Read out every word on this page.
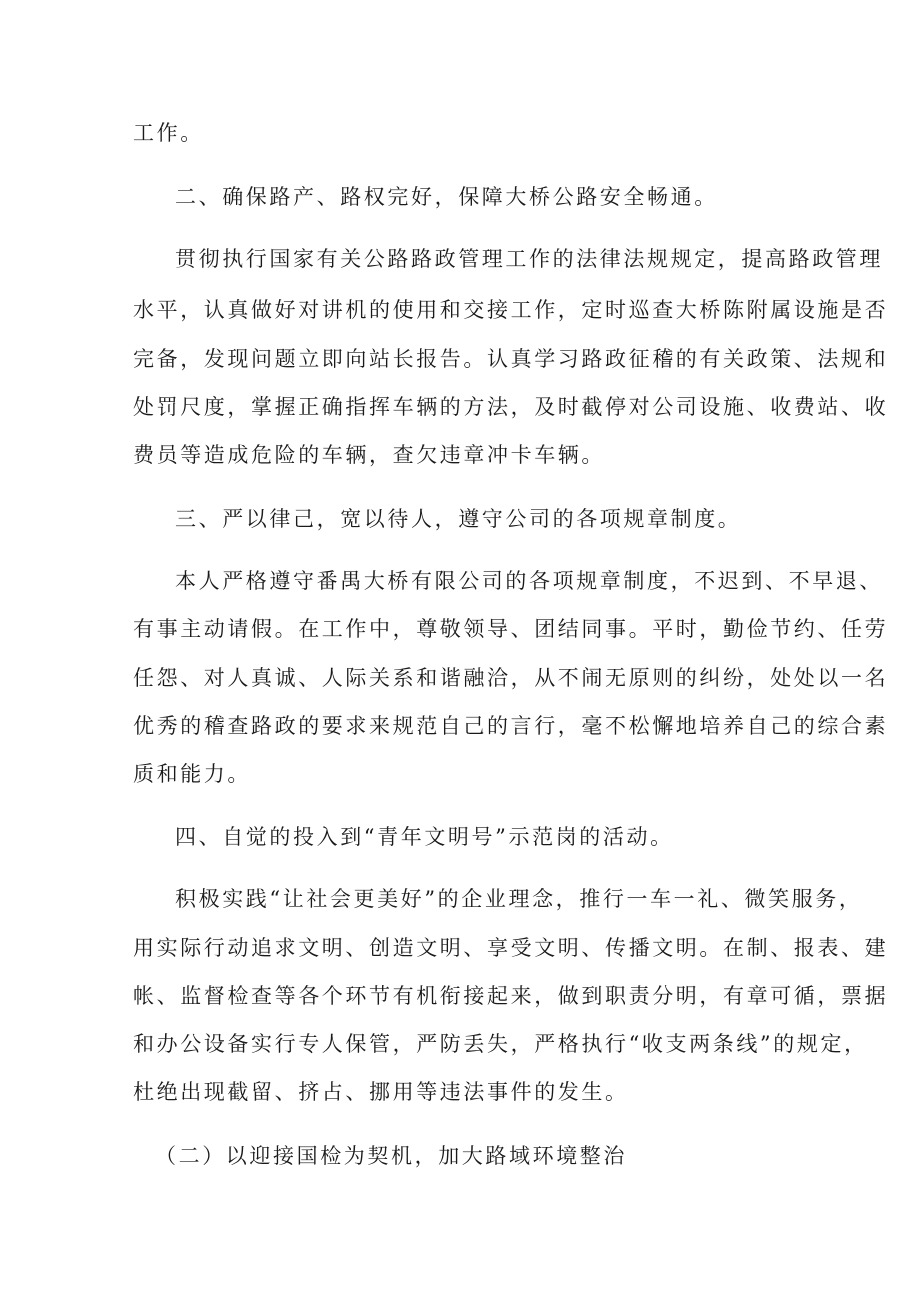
工作。
二、确保路产、路权完好，保障大桥公路安全畅通。
贯彻执行国家有关公路路政管理工作的法律法规规定，提高路政管理
水平，认真做好对讲机的使用和交接工作，定时巡查大桥陈附属设施是否
完备，发现问题立即向站长报告。认真学习路政征稽的有关政策、法规和
处罚尺度，掌握正确指挥车辆的方法，及时截停对公司设施、收费站、收
费员等造成危险的车辆，查欠违章冲卡车辆。
三、严以律己，宽以待人，遵守公司的各项规章制度。
本人严格遵守番禺大桥有限公司的各项规章制度，不迟到、不早退、
有事主动请假。在工作中，尊敬领导、团结同事。平时，勤俭节约、任劳
任怨、对人真诚、人际关系和谐融洽，从不闹无原则的纠纷，处处以一名
优秀的稽查路政的要求来规范自己的言行，毫不松懈地培养自己的综合素
质和能力。
四、自觉的投入到“青年文明号”示范岗的活动。
积极实践“让社会更美好”的企业理念，推行一车一礼、微笑服务，
用实际行动追求文明、创造文明、享受文明、传播文明。在制、报表、建
帐、监督检查等各个环节有机衔接起来，做到职责分明，有章可循，票据
和办公设备实行专人保管，严防丢失，严格执行“收支两条线”的规定，
杜绝出现截留、挤占、挪用等违法事件的发生。
（二）以迎接国检为契机，加大路域环境整治
